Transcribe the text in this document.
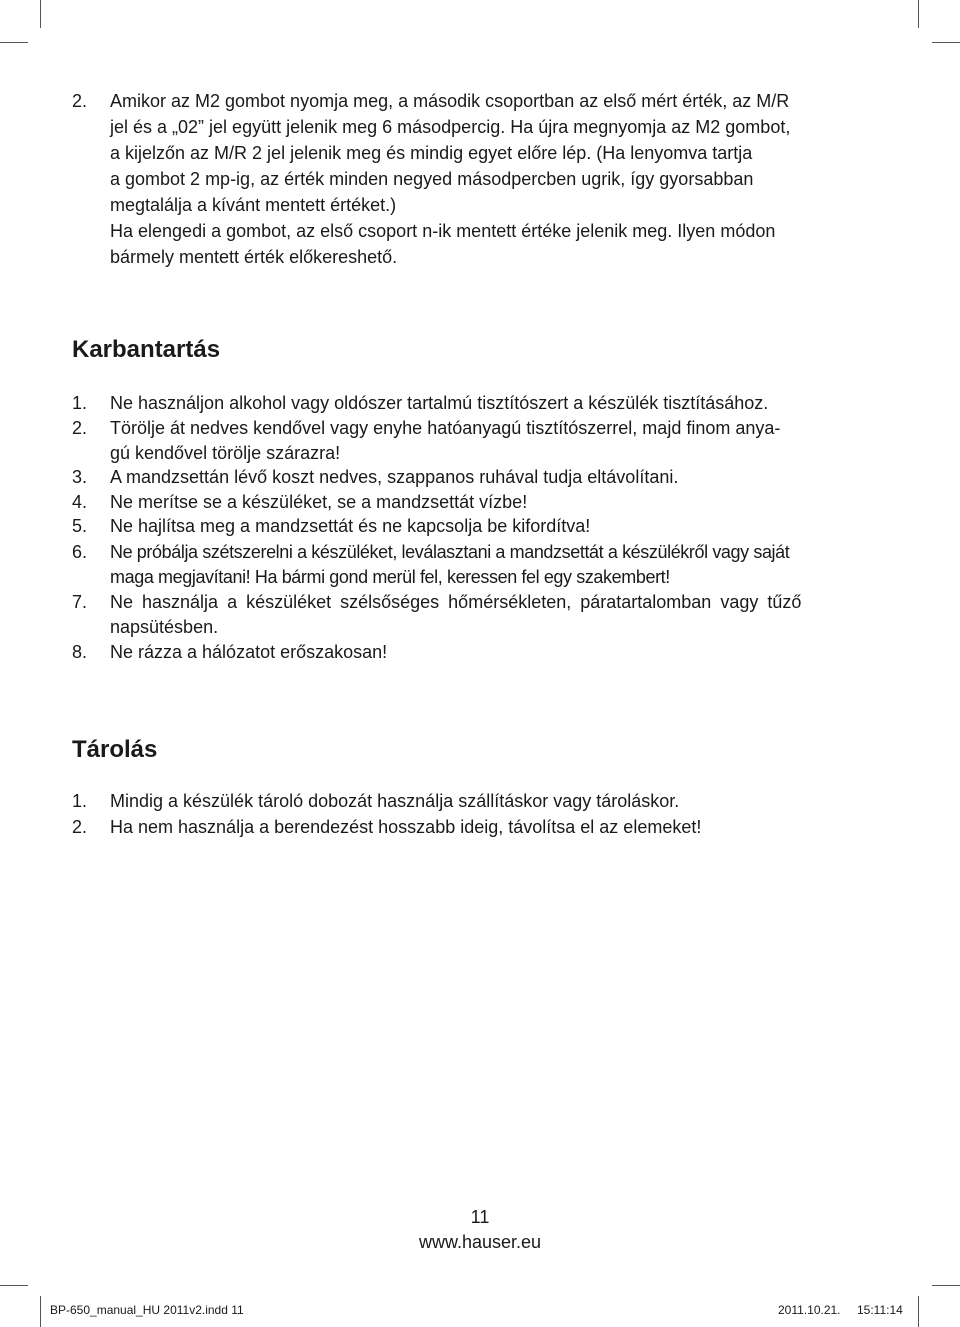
2. Amikor az M2 gombot nyomja meg, a második csoportban az első mért érték, az M/R
jel és a „02” jel együtt jelenik meg 6 másodpercig. Ha újra megnyomja az M2 gombot,
a kijelzőn az M/R 2 jel jelenik meg és mindig egyet előre lép. (Ha lenyomva tartja
a gombot 2 mp-ig, az érték minden negyed másodpercben ugrik, így gyorsabban
megtalálja a kívánt mentett értéket.)
Ha elengedi a gombot, az első csoport n-ik mentett értéke jelenik meg. Ilyen módon
bármely mentett érték előkereshető.
Karbantartás
1. Ne használjon alkohol vagy oldószer tartalmú tisztítószert a készülék tisztításához.
2. Törölje át nedves kendővel vagy enyhe hatóanyagú tisztítószerrel, majd finom anya-
gú kendővel törölje szárazra!
3. A mandzsettán lévő koszt nedves, szappanos ruhával tudja eltávolítani.
4. Ne merítse se a készüléket, se a mandzsettát vízbe!
5. Ne hajlítsa meg a mandzsettát és ne kapcsolja be kifordítva!
6. Ne próbálja szétszerelni a készüléket, leválasztani a mandzsettát a készülékről vagy saját
maga megjavítani! Ha bármi gond merül fel, keressen fel egy szakembert!
7. Ne használja a készüléket szélsőséges hőmérsékleten, páratartalomban vagy tűző
napsütésben.
8. Ne rázza a hálózatot erőszakosan!
Tárolás
1. Mindig a készülék tároló dobozát használja szállításkor vagy tároláskor.
2. Ha nem használja a berendezést hosszabb ideig, távolítsa el az elemeket!
11
www.hauser.eu
BP-650_manual_HU 2011v2.indd 11	2011.10.21. 15:11:14
